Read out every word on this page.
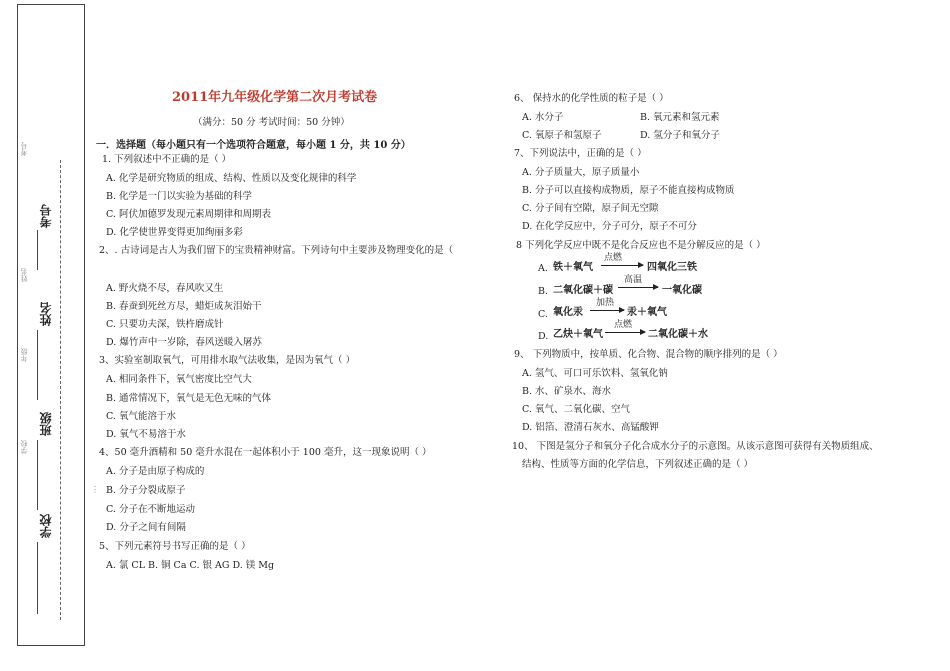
考号
姓名
年级
学校
考号
姓名
班级
学校
⋮
2011年九年级化学第二次月考试卷
（满分：50 分 考试时间：50 分钟）
一．选择题（每小题只有一个选项符合题意，每小题 1 分，共 10 分）
1. 下列叙述中不正确的是（ ）
A. 化学是研究物质的组成、结构、性质以及变化规律的科学
B. 化学是一门以实验为基础的科学
C. 阿伏加德罗发现元素周期律和周期表
D. 化学使世界变得更加绚丽多彩
2、. 古诗词是古人为我们留下的宝贵精神财富。下列诗句中主要涉及物理变化的是（
A. 野火烧不尽，春风吹又生
B. 春蚕到死丝方尽，蜡炬成灰泪始干
C. 只要功夫深，铁杵磨成针
D. 爆竹声中一岁除，春风送暖入屠苏
3、实验室制取氧气，可用排水取气法收集，是因为氧气（ ）
A. 相同条件下，氧气密度比空气大
B. 通常情况下，氧气是无色无味的气体
C. 氧气能溶于水
D. 氧气不易溶于水
4、50 毫升酒精和 50 毫升水混在一起体积小于 100 毫升，这一现象说明（ ）
A. 分子是由原子构成的
B. 分子分裂成原子
C. 分子在不断地运动
D. 分子之间有间隔
5、下列元素符号书写正确的是（ ）
A. 氯 CL B. 铜 Ca C. 银 AG D. 镁 Mg
6、 保持水的化学性质的粒子是（ ）
A. 水分子	B. 氧元素和氢元素
C. 氧原子和氢原子	D. 氢分子和氧分子
7、下列说法中，正确的是（ ）
A. 分子质量大，原子质量小
B. 分子可以直接构成物质，原子不能直接构成物质
C. 分子间有空隙，原子间无空隙
D. 在化学反应中，分子可分，原子不可分
8 下列化学反应中既不是化合反应也不是分解反应的是（ ）
A. 铁＋氧气
点燃
四氧化三铁
B. 二氧化碳＋碳
高温
一氧化碳
C. 氧化汞
加热
汞＋氧气
D. 乙炔＋氧气
点燃
二氧化碳＋水
9、 下列物质中，按单质、化合物、混合物的顺序排列的是（ ）
A. 氢气、可口可乐饮料、氢氧化钠
B. 水、矿泉水、海水
C. 氧气、二氧化碳、空气
D. 铝箔、澄清石灰水、高锰酸钾
10、 下图是氢分子和氧分子化合成水分子的示意图。从该示意图可获得有关物质组成、
结构、性质等方面的化学信息，下列叙述正确的是（ ）
